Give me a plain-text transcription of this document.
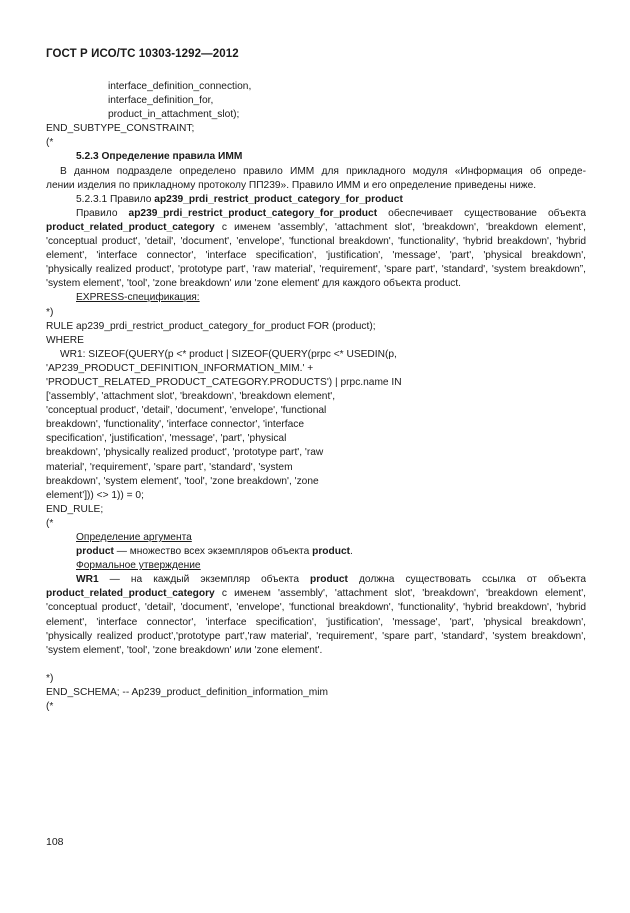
ГОСТ Р ИСО/ТС 10303-1292—2012
interface_definition_connection,
interface_definition_for,
product_in_attachment_slot);
END_SUBTYPE_CONSTRAINT;
(*
5.2.3 Определение правила ИММ
В данном подразделе определено правило ИММ для прикладного модуля «Информация об опреде-
лении изделия по прикладному протоколу ПП239». Правило ИММ и его определение приведены ниже.
5.2.3.1 Правило ap239_prdi_restrict_product_category_for_product
Правило ap239_prdi_restrict_product_category_for_product обеспечивает существование объекта
product_related_product_category с именем 'assembly', 'attachment slot', 'breakdown', 'breakdown element',
'conceptual product', 'detail', 'document', 'envelope', 'functional breakdown', 'functionality', 'hybrid breakdown', 'hybrid
element', 'interface connector', 'interface specification', 'justification', 'message', 'part', 'physical breakdown',
'physically realized product', 'prototype part', 'raw material', 'requirement', 'spare part', 'standard', 'system breakdown”,
'system element', 'tool', 'zone breakdown' или 'zone element' для каждого объекта product.
EXPRESS-спецификация:
*)
RULE ap239_prdi_restrict_product_category_for_product FOR (product);
WHERE
WR1: SIZEOF(QUERY(p <* product | SIZEOF(QUERY(prpc <* USEDIN(p,
'AP239_PRODUCT_DEFINITION_INFORMATION_MIM.' +
'PRODUCT_RELATED_PRODUCT_CATEGORY.PRODUCTS') | prpc.name IN
['assembly', 'attachment slot', 'breakdown', 'breakdown element',
'conceptual product', 'detail', 'document', 'envelope', 'functional
breakdown', 'functionality', 'interface connector', 'interface
specification', 'justification', 'message', 'part', 'physical
breakdown', 'physically realized product', 'prototype part', 'raw
material', 'requirement', 'spare part', 'standard', 'system
breakdown', 'system element', 'tool', 'zone breakdown', 'zone
element'])) <> 1)) = 0;
END_RULE;
(*
Определение аргумента
product — множество всех экземпляров объекта product.
Формальное утверждение
WR1 — на каждый экземпляр объекта product должна существовать ссылка от объекта
product_related_product_category с именем 'assembly', 'attachment slot', 'breakdown', 'breakdown element',
'conceptual product', 'detail', 'document', 'envelope', 'functional breakdown', 'functionality', 'hybrid breakdown', 'hybrid
element', 'interface connector', 'interface specification', 'justification', 'message', 'part', 'physical breakdown',
'physically realized product','prototype part','raw material', 'requirement', 'spare part', 'standard', 'system breakdown',
'system element', 'tool', 'zone breakdown' или 'zone element'.
*)
END_SCHEMA; -- Ap239_product_definition_information_mim
(*
108
